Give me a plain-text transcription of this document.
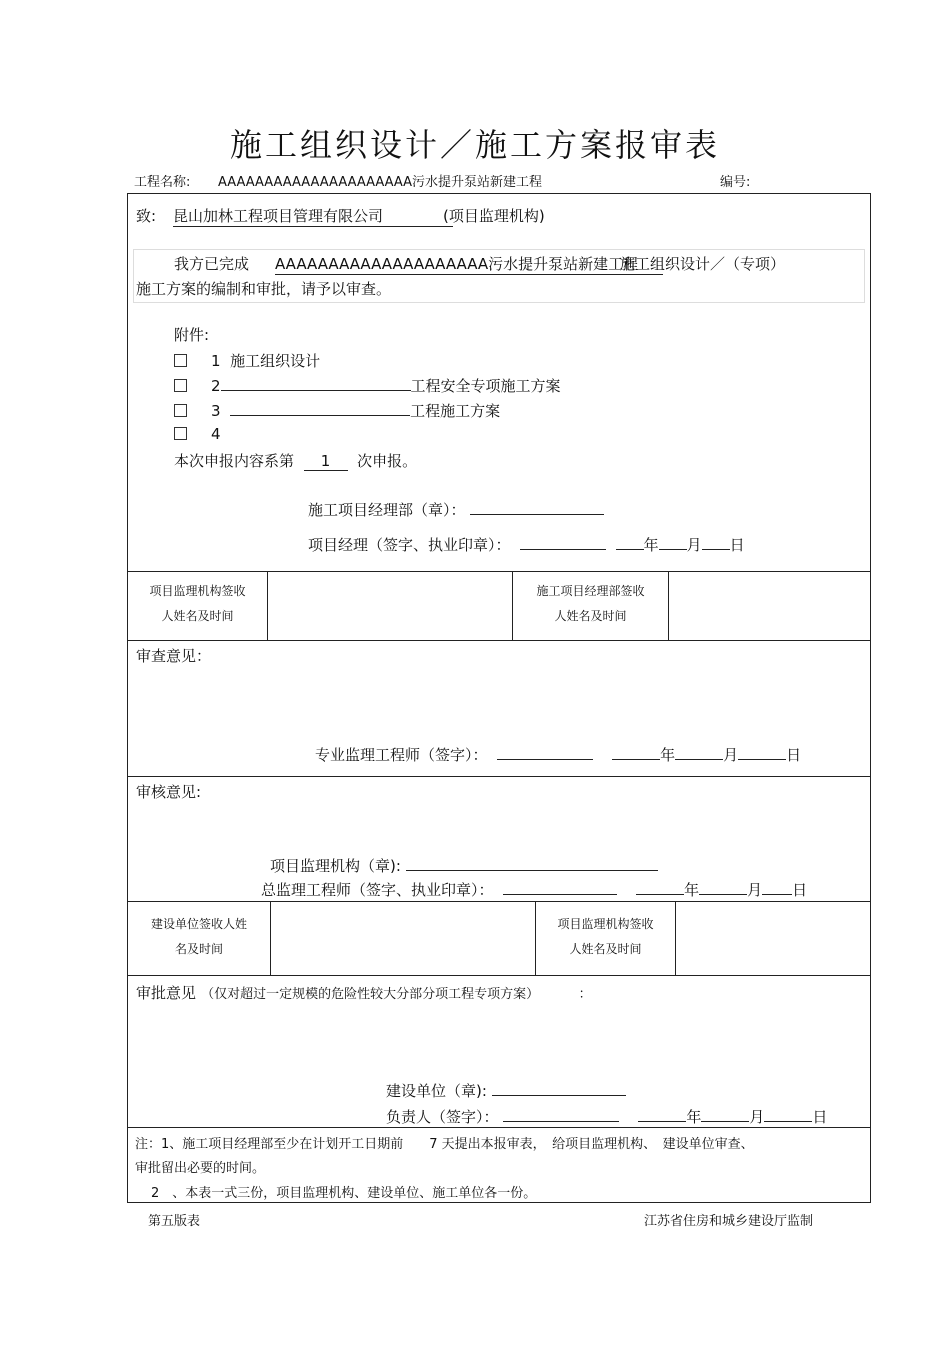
施工组织设计／施工方案报审表
工程名称: AAAAAAAAAAAAAAAAAAAAA污水提升泵站新建工程	编号:
致: 昆山加林工程项目管理有限公司	(项目监理机构)
我方已完成 AAAAAAAAAAAAAAAAAAAA污水提升泵站新建工程
施工组织设计／（专项）
施工方案的编制和审批，请予以审查。
附件:
1 施工组织设计
2	工程安全专项施工方案
3	工程施工方案
4
本次申报内容系第 1 次申报。
施工项目经理部（章）：
项目经理（签字、执业印章）：	年 月 日
项目监理机构签收
人姓名及时间
施工项目经理部签收
人姓名及时间
审查意见：
专业监理工程师（签字）：	年	月	日
审核意见:
项目监理机构（章):
总监理工程师（签字、执业印章）：	年	月 日
建设单位签收人姓
名及时间
项目监理机构签收
人姓名及时间
审批意见 （仅对超过一定规模的危险性较大分部分项工程专项方案）	：
建设单位（章):
负责人（签字）：	年	月	日
注：1、施工项目经理部至少在计划开工日期前　　7 天提出本报审表，　给项目监理机构、　建设单位审查、
审批留出必要的时间。
2　、本表一式三份，项目监理机构、建设单位、施工单位各一份。
第五版表	江苏省住房和城乡建设厅监制
